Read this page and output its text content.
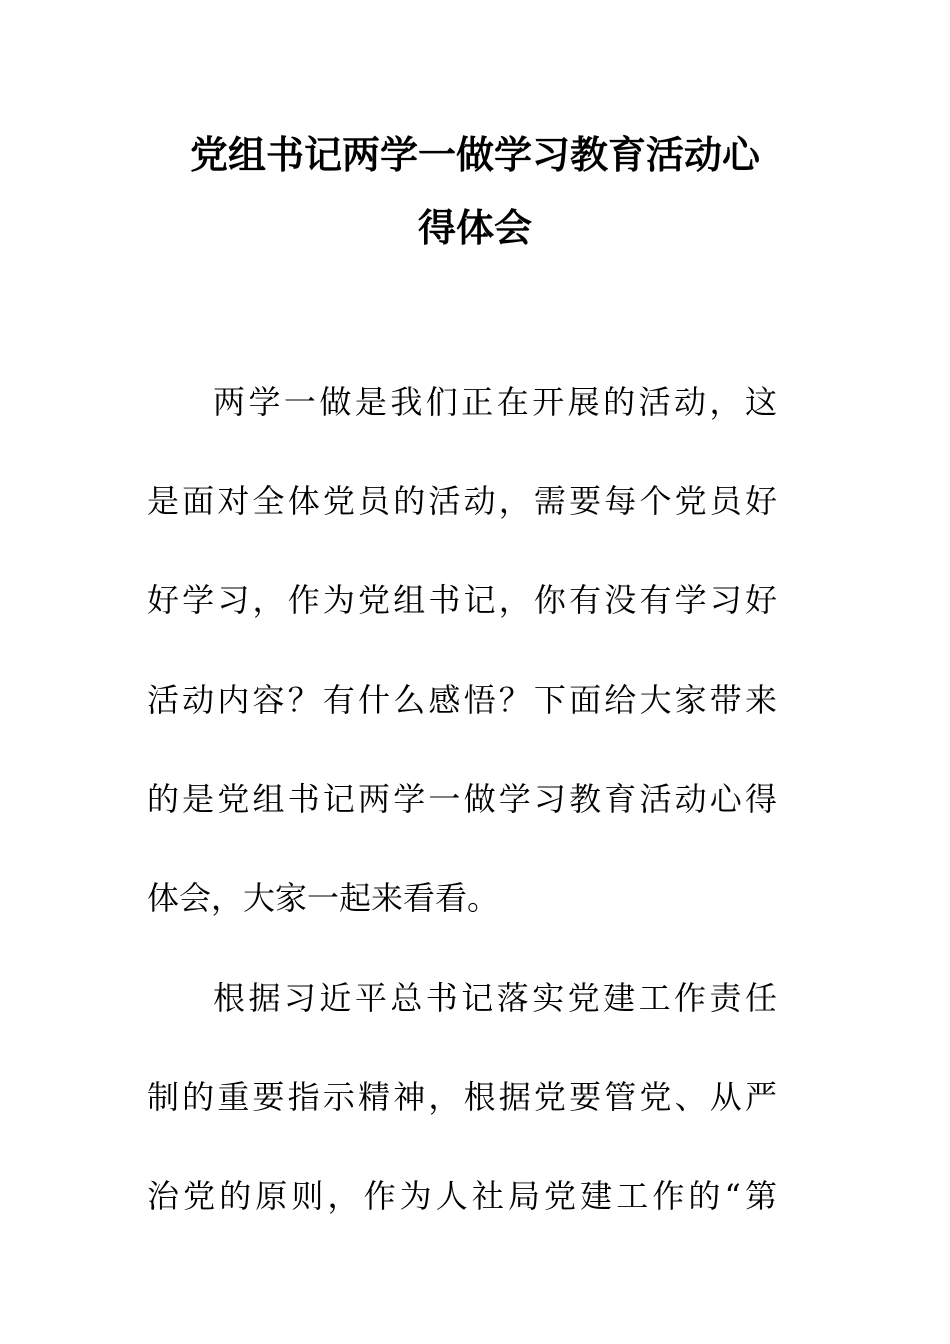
党组书记两学一做学习教育活动心
得体会
两学一做是我们正在开展的活动，这
是面对全体党员的活动，需要每个党员好
好学习，作为党组书记，你有没有学习好
活动内容？有什么感悟？下面给大家带来
的是党组书记两学一做学习教育活动心得
体会，大家一起来看看。
根据习近平总书记落实党建工作责任
制的重要指示精神，根据党要管党、从严
治党的原则，作为人社局党建工作的“第
